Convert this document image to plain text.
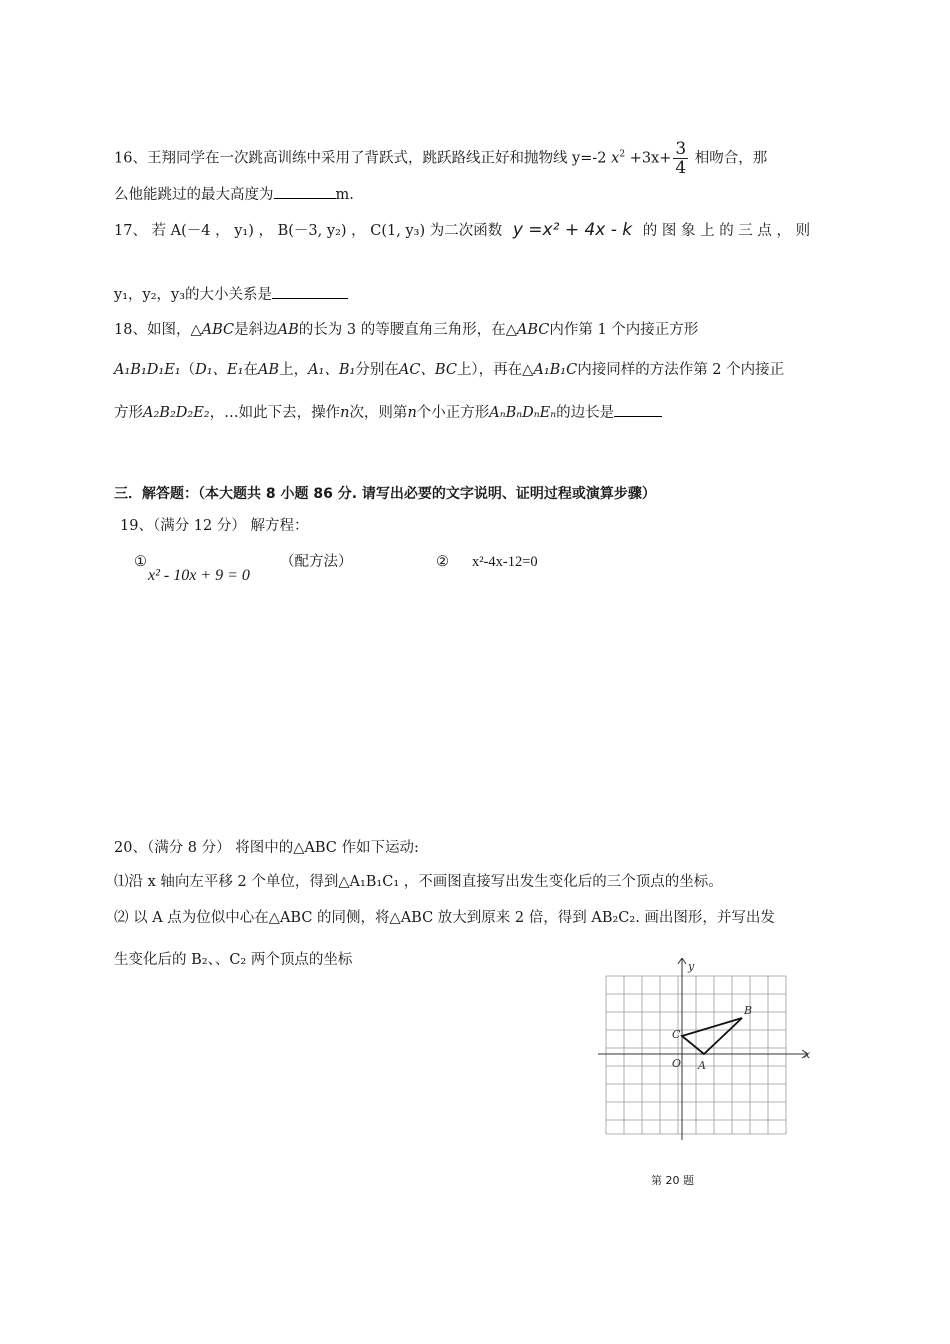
16、王翔同学在一次跳高训练中采用了背跃式，跳跃路线正好和抛物线 y=-2 $x^2 +3x+ \frac{3}{4}$ 相吻合，那
么他能跳过的最大高度为	m.
17、 若 A(－4 ， y₁) ， B(－3, y₂) ， C(1, y₃) 为二次函数 y =x² + 4x - k 的 图 象 上 的 三 点 ， 则
y₁，y₂，y₃的大小关系是
18、如图，△ABC是斜边AB的长为 3 的等腰直角三角形，在△ABC内作第 1 个内接正方形
A₁B₁D₁E₁（D₁、E₁在AB上，A₁、B₁分别在AC、BC上），再在△A₁B₁C内接同样的方法作第 2 个内接正
方形A₂B₂D₂E₂，…如此下去，操作n次，则第n个小正方形AₙBₙDₙEₙ的边长是
三．解答题：（本大题共 8 小题 86 分. 请写出必要的文字说明、证明过程或演算步骤）
19、（满分 12 分） 解方程：
①
x² - 10x + 9 = 0
（配方法）	② x²-4x-12=0
20、（满分 8 分） 将图中的△ABC 作如下运动:
⑴沿 x 轴向左平移 2 个单位，得到△A₁B₁C₁ ，不画图直接写出发生变化后的三个顶点的坐标。
⑵ 以 A 点为位似中心在△ABC 的同侧，将△ABC 放大到原来 2 倍，得到 AB₂C₂. 画出图形，并写出发
生变化后的 B₂、、C₂ 两个顶点的坐标	y
x
O A
B
C
第 20 题
